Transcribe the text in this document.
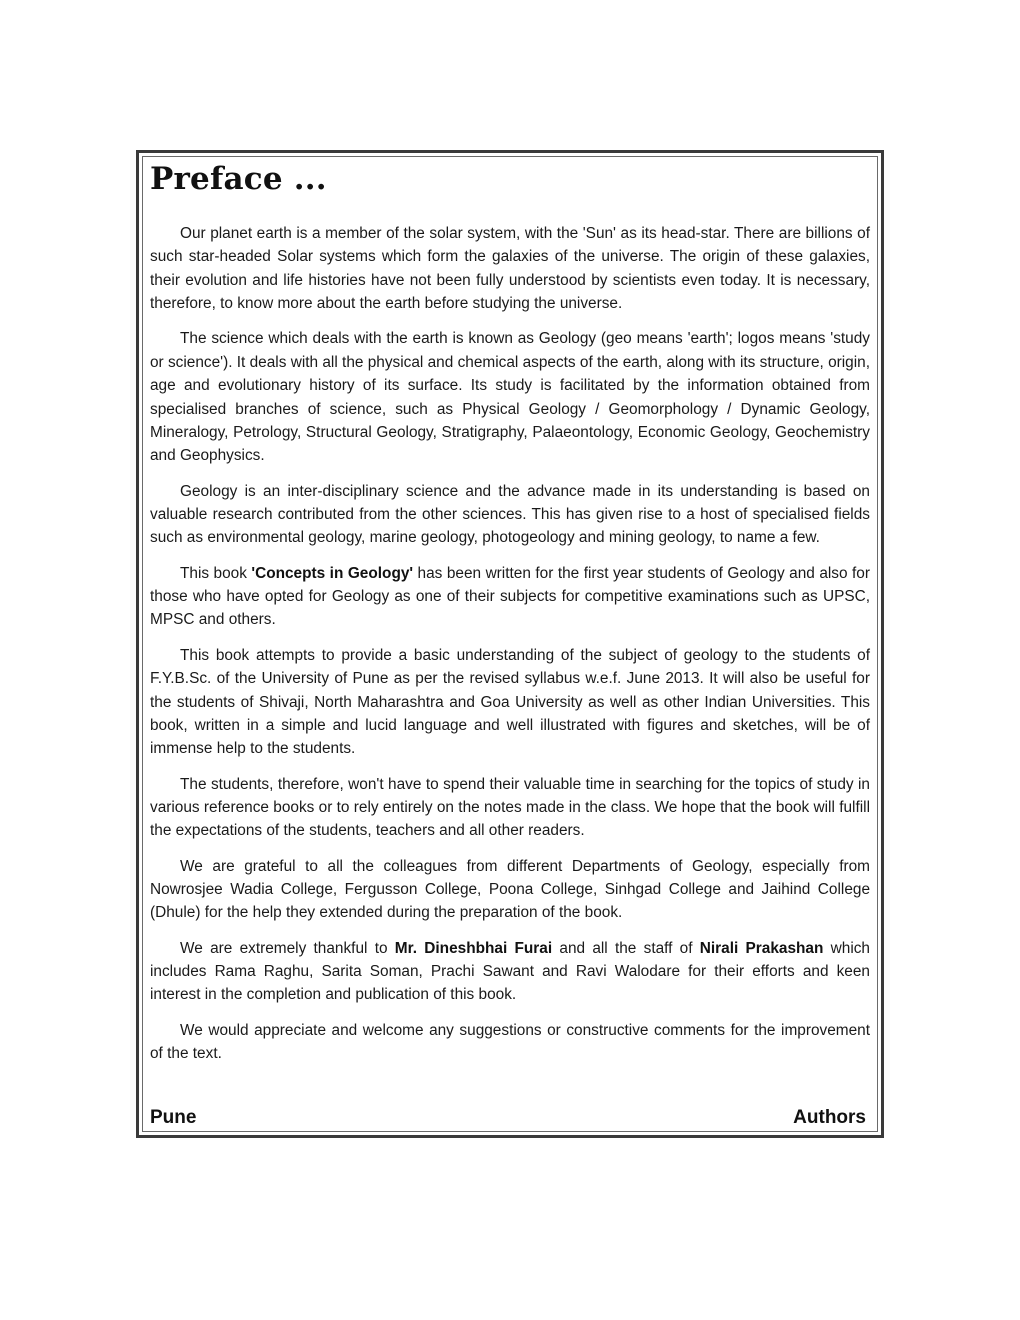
Preface ...

Our planet earth is a member of the solar system, with the 'Sun' as its head-star. There are billions of such star-headed Solar systems which form the galaxies of the universe. The origin of these galaxies, their evolution and life histories have not been fully understood by scientists even today. It is necessary, therefore, to know more about the earth before studying the universe.

The science which deals with the earth is known as Geology (geo means 'earth'; logos means 'study or science'). It deals with all the physical and chemical aspects of the earth, along with its structure, origin, age and evolutionary history of its surface. Its study is facilitated by the information obtained from specialised branches of science, such as Physical Geology / Geomorphology / Dynamic Geology, Mineralogy, Petrology, Structural Geology, Stratigraphy, Palaeontology, Economic Geology, Geochemistry and Geophysics.

Geology is an inter-disciplinary science and the advance made in its understanding is based on valuable research contributed from the other sciences. This has given rise to a host of specialised fields such as environmental geology, marine geology, photogeology and mining geology, to name a few.

This book 'Concepts in Geology' has been written for the first year students of Geology and also for those who have opted for Geology as one of their subjects for competitive examinations such as UPSC, MPSC and others.

This book attempts to provide a basic understanding of the subject of geology to the students of F.Y.B.Sc. of the University of Pune as per the revised syllabus w.e.f. June 2013. It will also be useful for the students of Shivaji, North Maharashtra and Goa University as well as other Indian Universities. This book, written in a simple and lucid language and well illustrated with figures and sketches, will be of immense help to the students.

The students, therefore, won't have to spend their valuable time in searching for the topics of study in various reference books or to rely entirely on the notes made in the class. We hope that the book will fulfill the expectations of the students, teachers and all other readers.

We are grateful to all the colleagues from different Departments of Geology, especially from Nowrosjee Wadia College, Fergusson College, Poona College, Sinhgad College and Jaihind College (Dhule) for the help they extended during the preparation of the book.

We are extremely thankful to Mr. Dineshbhai Furai and all the staff of Nirali Prakashan which includes Rama Raghu, Sarita Soman, Prachi Sawant and Ravi Walodare for their efforts and keen interest in the completion and publication of this book.

We would appreciate and welcome any suggestions or constructive comments for the improvement of the text.

Pune	Authors
